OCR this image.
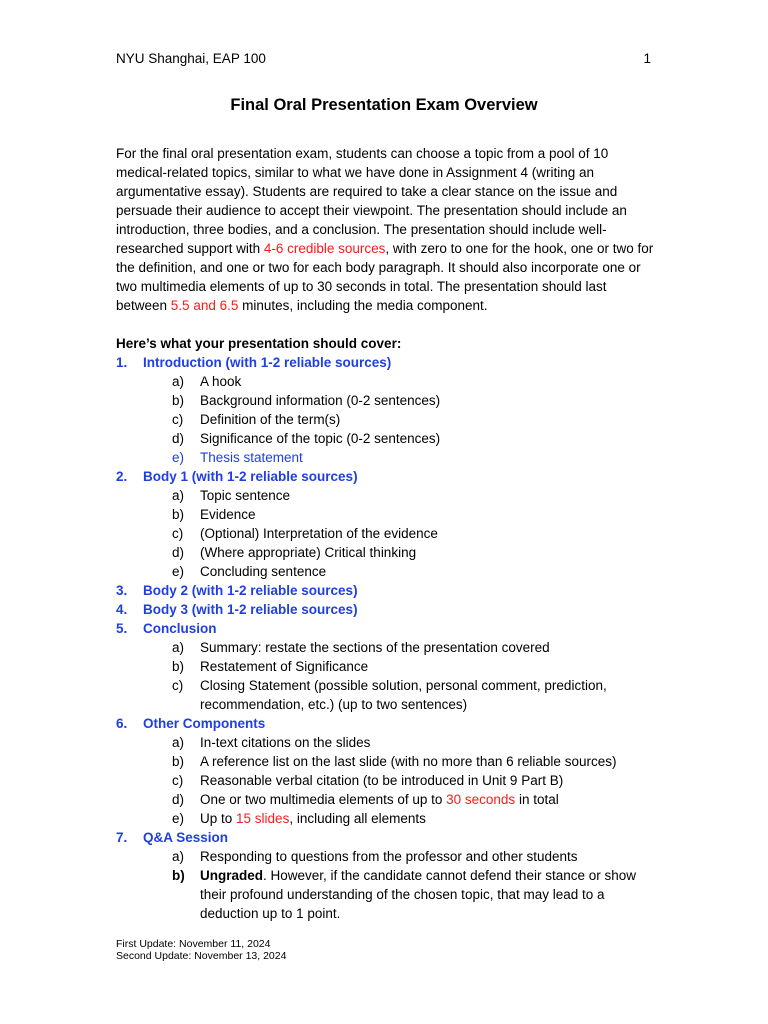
NYU Shanghai, EAP 100	1
Final Oral Presentation Exam Overview

For the final oral presentation exam, students can choose a topic from a pool of 10 medical-related topics, similar to what we have done in Assignment 4 (writing an argumentative essay). Students are required to take a clear stance on the issue and persuade their audience to accept their viewpoint. The presentation should include an introduction, three bodies, and a conclusion. The presentation should include well-researched support with 4-6 credible sources, with zero to one for the hook, one or two for the definition, and one or two for each body paragraph. It should also incorporate one or two multimedia elements of up to 30 seconds in total. The presentation should last between 5.5 and 6.5 minutes, including the media component.

Here’s what your presentation should cover:
1.	Introduction (with 1-2 reliable sources)
a)	A hook
b)	Background information (0-2 sentences)
c)	Definition of the term(s)
d)	Significance of the topic (0-2 sentences)
e)	Thesis statement
2.	Body 1 (with 1-2 reliable sources)
a)	Topic sentence
b)	Evidence
c)	(Optional) Interpretation of the evidence
d)	(Where appropriate) Critical thinking
e)	Concluding sentence
3.	Body 2 (with 1-2 reliable sources)
4.	Body 3 (with 1-2 reliable sources)
5.	Conclusion
a)	Summary: restate the sections of the presentation covered
b)	Restatement of Significance
c)	Closing Statement (possible solution, personal comment, prediction, recommendation, etc.) (up to two sentences)
6.	Other Components
a)	In-text citations on the slides
b)	A reference list on the last slide (with no more than 6 reliable sources)
c)	Reasonable verbal citation (to be introduced in Unit 9 Part B)
d)	One or two multimedia elements of up to 30 seconds in total
e)	Up to 15 slides, including all elements
7.	Q&A Session
a)	Responding to questions from the professor and other students
b)	Ungraded. However, if the candidate cannot defend their stance or show their profound understanding of the chosen topic, that may lead to a deduction up to 1 point.
First Update: November 11, 2024
Second Update: November 13, 2024
